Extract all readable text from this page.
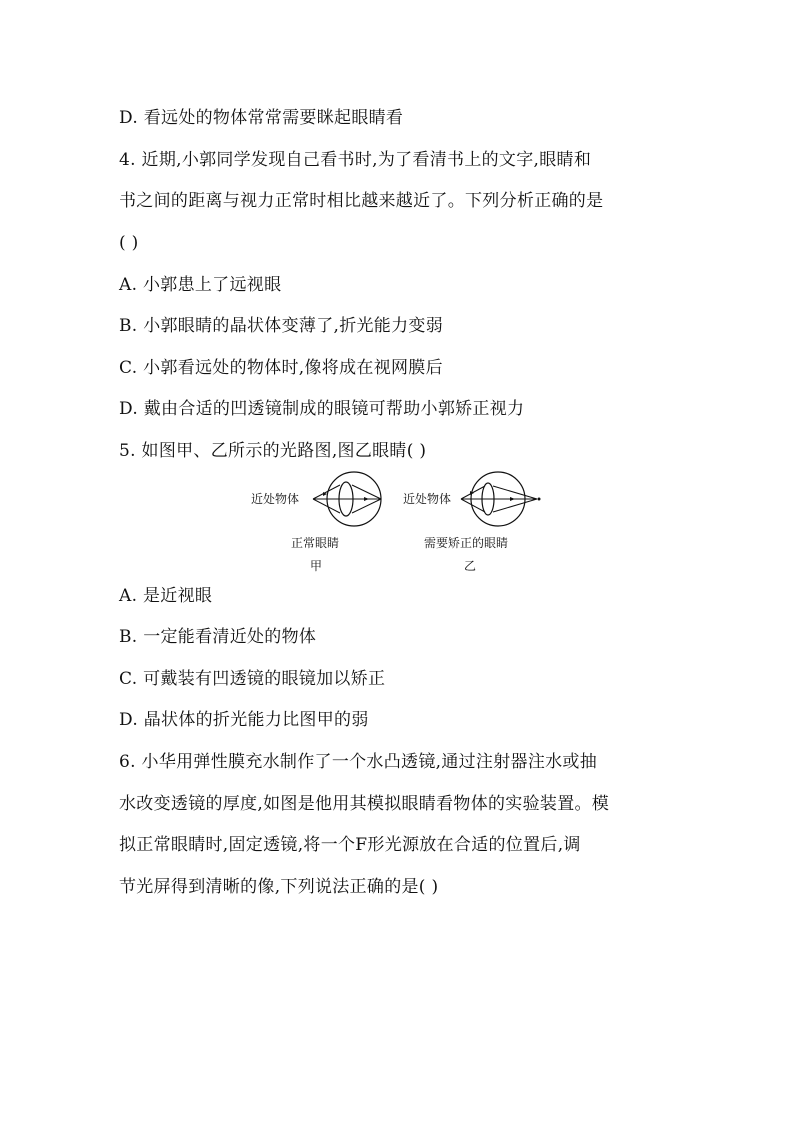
D. 看远处的物体常常需要眯起眼睛看
4. 近期,小郭同学发现自己看书时,为了看清书上的文字,眼睛和
书之间的距离与视力正常时相比越来越近了。下列分析正确的是
( )
A. 小郭患上了远视眼
B. 小郭眼睛的晶状体变薄了,折光能力变弱
C. 小郭看远处的物体时,像将成在视网膜后
D. 戴由合适的凹透镜制成的眼镜可帮助小郭矫正视力
5. 如图甲、乙所示的光路图,图乙眼睛( )
近处物体
正常眼睛
甲
近处物体
需要矫正的眼睛
乙
A. 是近视眼
B. 一定能看清近处的物体
C. 可戴装有凹透镜的眼镜加以矫正
D. 晶状体的折光能力比图甲的弱
6. 小华用弹性膜充水制作了一个水凸透镜,通过注射器注水或抽
水改变透镜的厚度,如图是他用其模拟眼睛看物体的实验装置。模
拟正常眼睛时,固定透镜,将一个F形光源放在合适的位置后,调
节光屏得到清晰的像,下列说法正确的是( )
